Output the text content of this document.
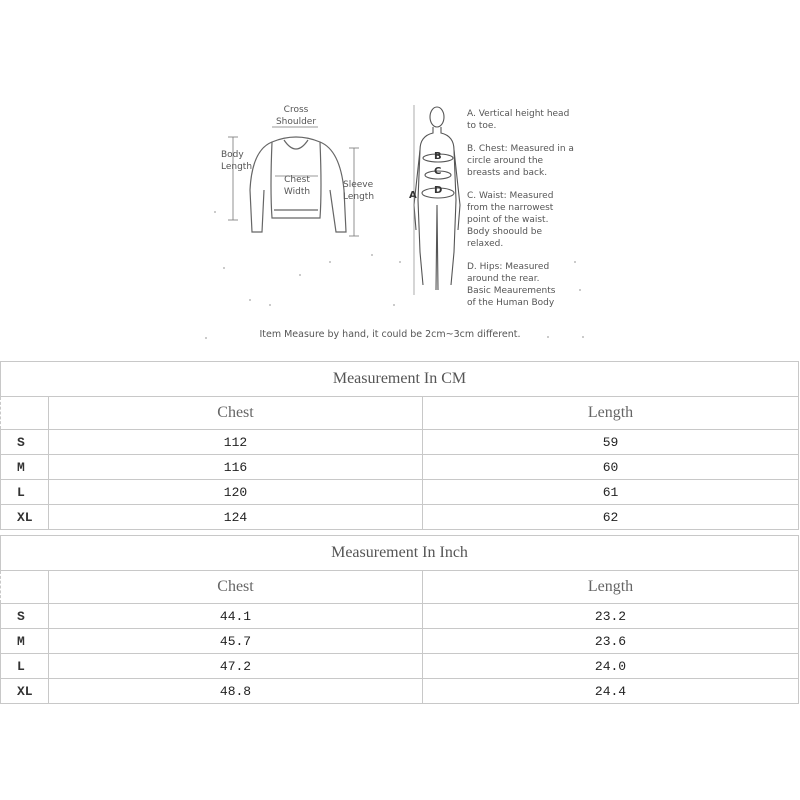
Cross
Shoulder
Body
Length
Chest
Width
Sleeve
Length	A
B
C
D
A. Vertical height head
to toe.
B. Chest: Measured in a
circle around the
breasts and back.
C. Waist: Measured
from the narrowest
point of the waist.
Body shoould be
relaxed.
D. Hips: Measured
around the rear.
Basic Meaurements
of the Human Body
Item Measure by hand, it could be 2cm~3cm different.
Measurement In CM		
	Chest	Length
S	112	59
M	116	60
L	120	61
XL	124	62
Measurement In Inch		
	Chest	Length
S	44.1	23.2
M	45.7	23.6
L	47.2	24.0
XL	48.8	24.4
